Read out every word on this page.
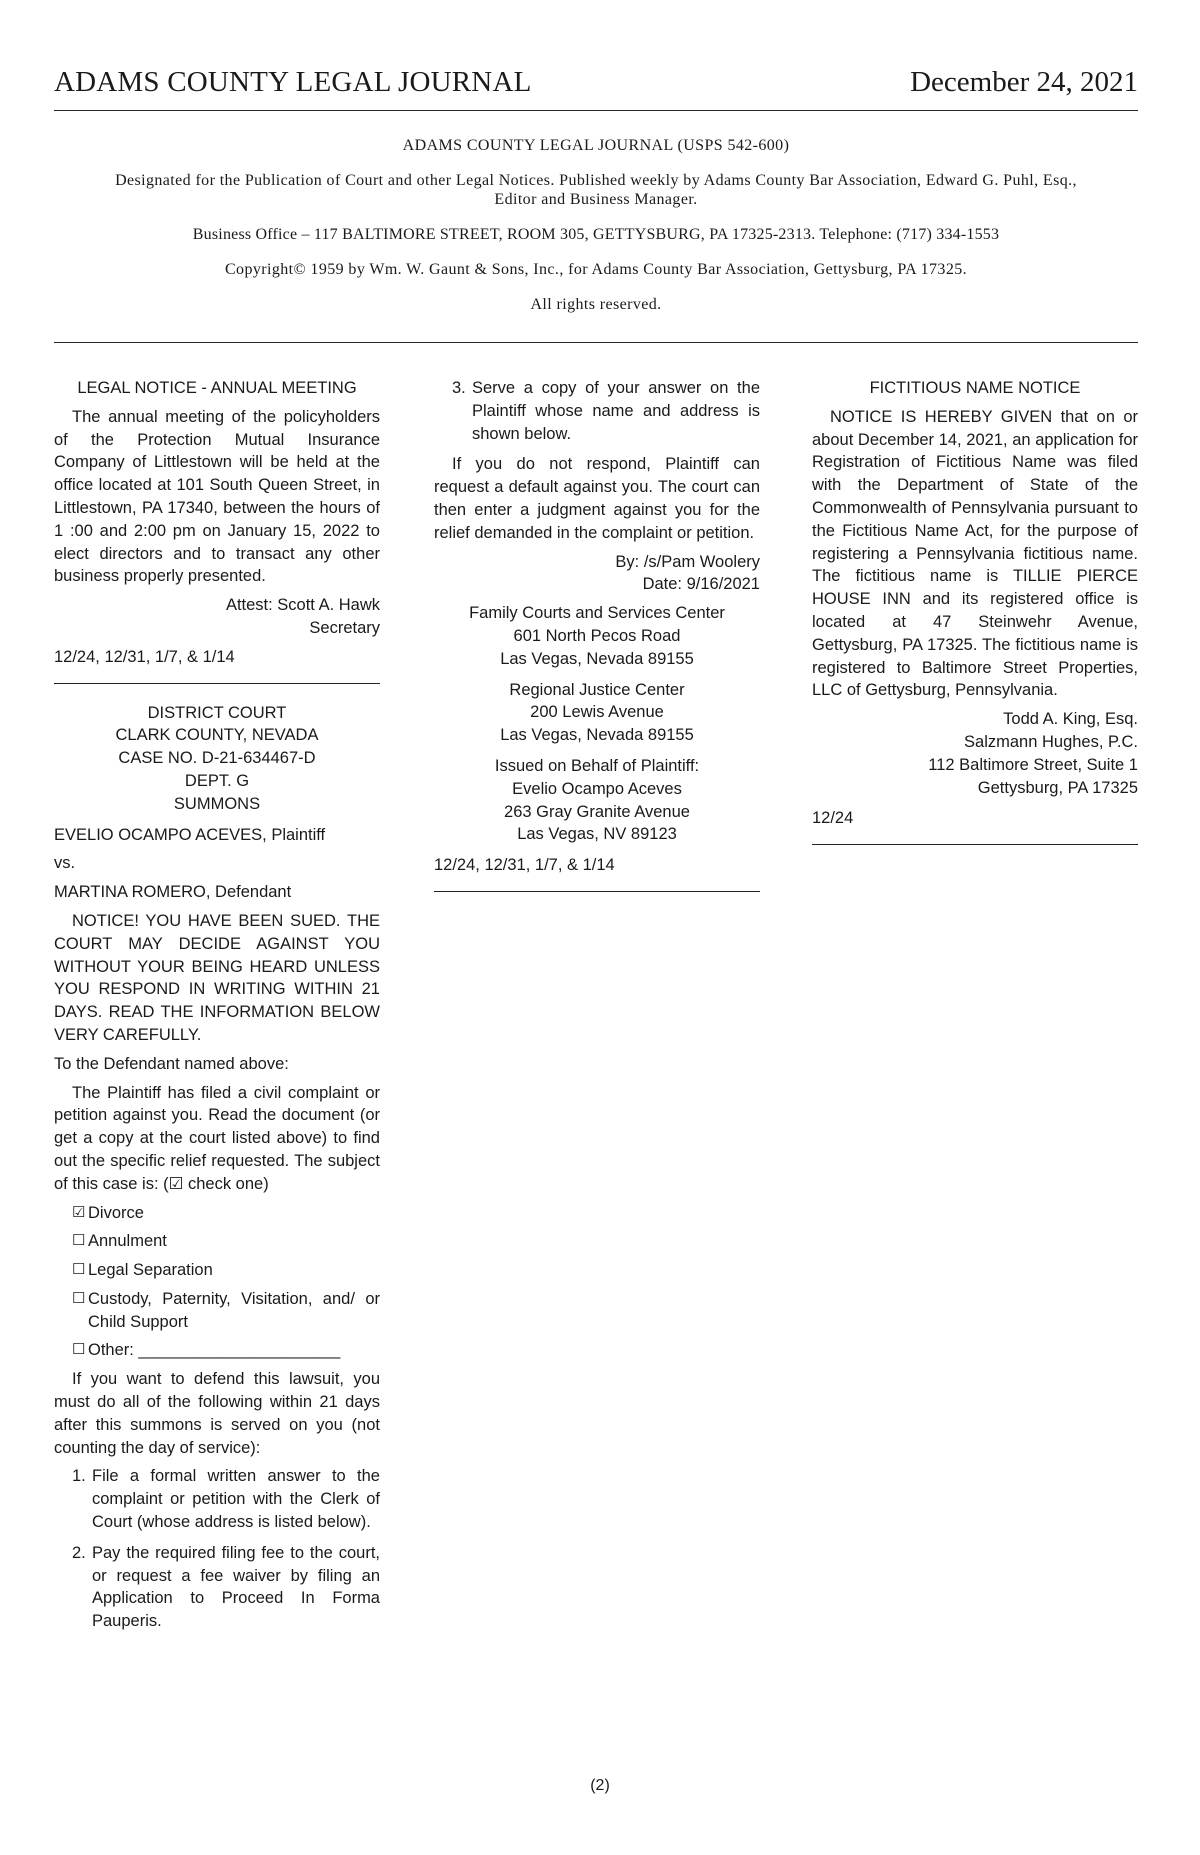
ADAMS COUNTY LEGAL JOURNAL	December 24, 2021

ADAMS COUNTY LEGAL JOURNAL (USPS 542-600)

Designated for the Publication of Court and other Legal Notices. Published weekly by Adams County Bar Association, Edward G. Puhl, Esq., Editor and Business Manager.

Business Office – 117 BALTIMORE STREET, ROOM 305, GETTYSBURG, PA 17325-2313. Telephone: (717) 334-1553

Copyright© 1959 by Wm. W. Gaunt & Sons, Inc., for Adams County Bar Association, Gettysburg, PA 17325.

All rights reserved.

LEGAL NOTICE - ANNUAL MEETING

The annual meeting of the policyholders of the Protection Mutual Insurance Company of Littlestown will be held at the office located at 101 South Queen Street, in Littlestown, PA 17340, between the hours of 1 :00 and 2:00 pm on January 15, 2022 to elect directors and to transact any other business properly presented.

Attest: Scott A. Hawk

Secretary

12/24, 12/31, 1/7, & 1/14

DISTRICT COURT
CLARK COUNTY, NEVADA
CASE NO. D-21-634467-D
DEPT. G
SUMMONS

EVELIO OCAMPO ACEVES, Plaintiff

vs.

MARTINA ROMERO, Defendant

NOTICE! YOU HAVE BEEN SUED. THE COURT MAY DECIDE AGAINST YOU WITHOUT YOUR BEING HEARD UNLESS YOU RESPOND IN WRITING WITHIN 21 DAYS. READ THE INFORMATION BELOW VERY CAREFULLY.

To the Defendant named above:

The Plaintiff has filed a civil complaint or petition against you. Read the document (or get a copy at the court listed above) to find out the specific relief requested. The subject of this case is: (☑ check one)

☑ Divorce
☐ Annulment
☐ Legal Separation
☐ Custody, Paternity, Visitation, and/ or Child Support
☐ Other: ______________________

If you want to defend this lawsuit, you must do all of the following within 21 days after this summons is served on you (not counting the day of service):

1. File a formal written answer to the complaint or petition with the Clerk of Court (whose address is listed below).
2. Pay the required filing fee to the court, or request a fee waiver by filing an Application to Proceed In Forma Pauperis.
3. Serve a copy of your answer on the Plaintiff whose name and address is shown below.

If you do not respond, Plaintiff can request a default against you. The court can then enter a judgment against you for the relief demanded in the complaint or petition.

By: /s/Pam Woolery

Date: 9/16/2021

Family Courts and Services Center
601 North Pecos Road
Las Vegas, Nevada 89155
Regional Justice Center
200 Lewis Avenue
Las Vegas, Nevada 89155
Issued on Behalf of Plaintiff:
Evelio Ocampo Aceves
263 Gray Granite Avenue
Las Vegas, NV 89123

12/24, 12/31, 1/7, & 1/14

FICTITIOUS NAME NOTICE

NOTICE IS HEREBY GIVEN that on or about December 14, 2021, an application for Registration of Fictitious Name was filed with the Department of State of the Commonwealth of Pennsylvania pursuant to the Fictitious Name Act, for the purpose of registering a Pennsylvania fictitious name. The fictitious name is TILLIE PIERCE HOUSE INN and its registered office is located at 47 Steinwehr Avenue, Gettysburg, PA 17325. The fictitious name is registered to Baltimore Street Properties, LLC of Gettysburg, Pennsylvania.

Todd A. King, Esq.
Salzmann Hughes, P.C.
112 Baltimore Street, Suite 1
Gettysburg, PA 17325

12/24

(2)
